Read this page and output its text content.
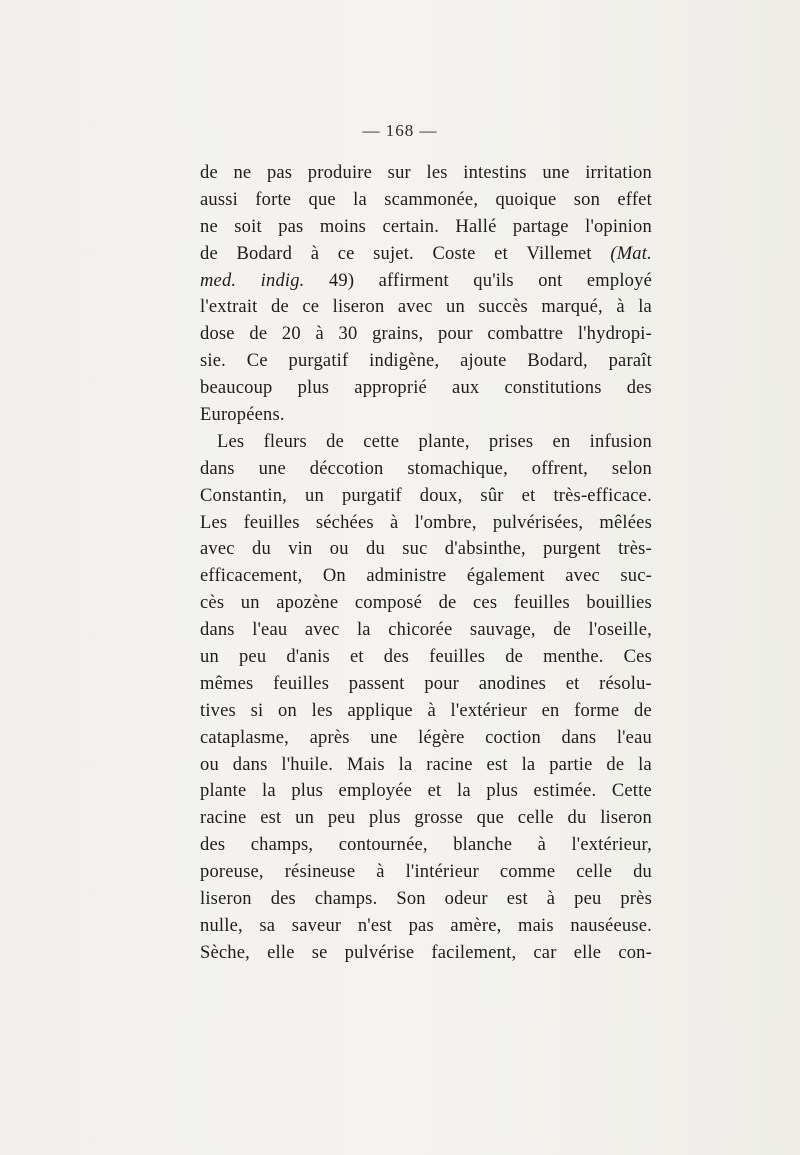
— 168 —
de ne pas produire sur les intestins une irritation
aussi forte que la scammonée, quoique son effet
ne soit pas moins certain. Hallé partage l'opinion
de Bodard à ce sujet. Coste et Villemet (Mat.
med. indig. 49) affirment qu'ils ont employé
l'extrait de ce liseron avec un succès marqué, à la
dose de 20 à 30 grains, pour combattre l'hydropi-
sie. Ce purgatif indigène, ajoute Bodard, paraît
beaucoup plus approprié aux constitutions des
Européens.
Les fleurs de cette plante, prises en infusion
dans une déccotion stomachique, offrent, selon
Constantin, un purgatif doux, sûr et très-efficace.
Les feuilles séchées à l'ombre, pulvérisées, mêlées
avec du vin ou du suc d'absinthe, purgent très-
efficacement, On administre également avec suc-
cès un apozène composé de ces feuilles bouillies
dans l'eau avec la chicorée sauvage, de l'oseille,
un peu d'anis et des feuilles de menthe. Ces
mêmes feuilles passent pour anodines et résolu-
tives si on les applique à l'extérieur en forme de
cataplasme, après une légère coction dans l'eau
ou dans l'huile. Mais la racine est la partie de la
plante la plus employée et la plus estimée. Cette
racine est un peu plus grosse que celle du liseron
des champs, contournée, blanche à l'extérieur,
poreuse, résineuse à l'intérieur comme celle du
liseron des champs. Son odeur est à peu près
nulle, sa saveur n'est pas amère, mais nauséeuse.
Sèche, elle se pulvérise facilement, car elle con-
